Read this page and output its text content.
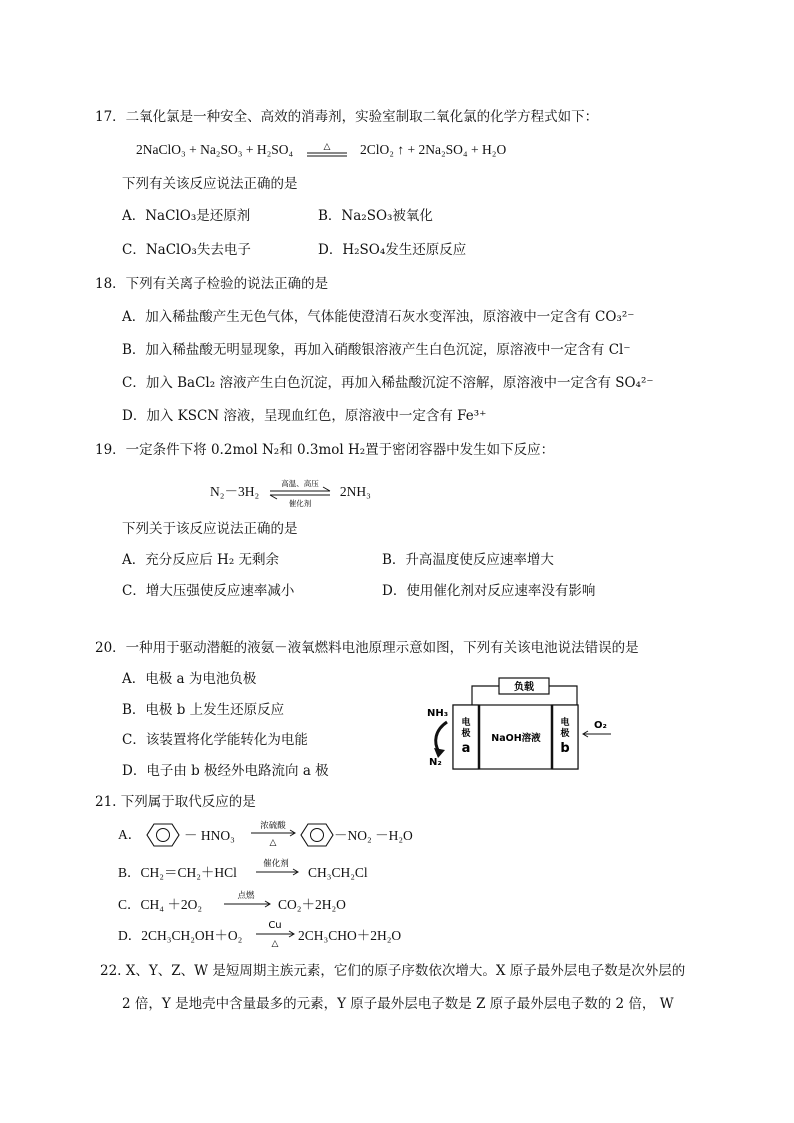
17．二氧化氯是一种安全、高效的消毒剂，实验室制取二氧化氯的化学方程式如下：
2NaClO₃ + Na₂SO₃ + H₂SO₄	△ 2ClO₂ ↑ + 2Na₂SO₄ + H₂O
下列有关该反应说法正确的是
A．NaClO₃是还原剂	B．Na₂SO₃被氧化
C．NaClO₃失去电子	D．H₂SO₄发生还原反应
18．下列有关离子检验的说法正确的是
A．加入稀盐酸产生无色气体，气体能使澄清石灰水变浑浊，原溶液中一定含有 CO₃²⁻
B．加入稀盐酸无明显现象，再加入硝酸银溶液产生白色沉淀，原溶液中一定含有 Cl⁻
C．加入 BaCl₂ 溶液产生白色沉淀，再加入稀盐酸沉淀不溶解，原溶液中一定含有 SO₄²⁻
D．加入 KSCN 溶液，呈现血红色，原溶液中一定含有 Fe³⁺
19．一定条件下将 0.2mol N₂和 0.3mol H₂置于密闭容器中发生如下反应：
N₂－3H₂
高温、高压
催化剂
2NH₃
下列关于该反应说法正确的是
A．充分反应后 H₂ 无剩余	B．升高温度使反应速率增大
C．增大压强使反应速率减小	D．使用催化剂对反应速率没有影响
20．一种用于驱动潜艇的液氨－液氧燃料电池原理示意如图，下列有关该电池说法错误的是
A．电极 a 为电池负极
B．电极 b 上发生还原反应
C．该装置将化学能转化为电能
D．电子由 b 极经外电路流向 a 极
负载
电
极
a
NaOH溶液
电
极
b
NH₃
N₂
O₂
21. 下列属于取代反应的是
A．	－ HNO₃
浓硫酸
△	－NO₂ －H₂O
B．CH₂＝CH₂＋HCl
催化剂
CH₃CH₂Cl
C．CH₄ ＋2O₂
点燃
CO₂＋2H₂O
D．2CH₃CH₂OH＋O₂
Cu
△
2CH₃CHO＋2H₂O
22. X、Y、Z、W 是短周期主族元素，它们的原子序数依次增大。X 原子最外层电子数是次外层的
2 倍，Y 是地壳中含量最多的元素，Y 原子最外层电子数是 Z 原子最外层电子数的 2 倍， W
